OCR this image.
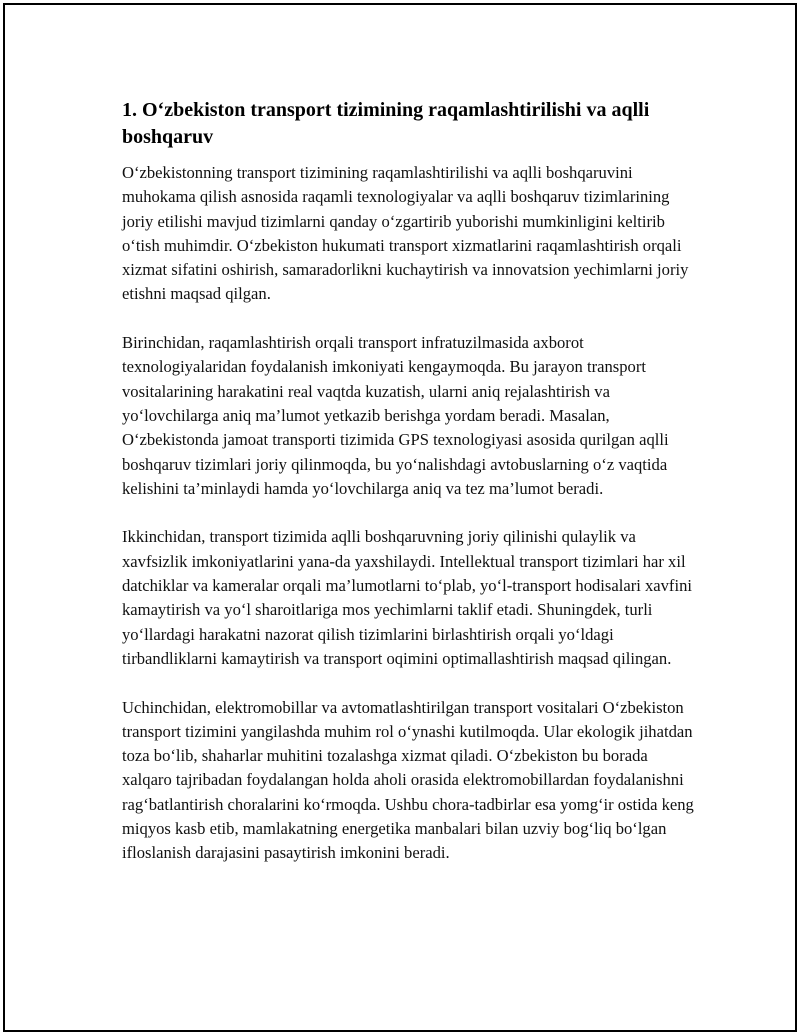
1. O‘zbekiston transport tizimining raqamlashtirilishi va aqlli boshqaruv

O‘zbekistonning transport tizimining raqamlashtirilishi va aqlli boshqaruvini muhokama qilish asnosida raqamli texnologiyalar va aqlli boshqaruv tizimlarining joriy etilishi mavjud tizimlarni qanday o‘zgartirib yuborishi mumkinligini keltirib o‘tish muhimdir. O‘zbekiston hukumati transport xizmatlarini raqamlashtirish orqali xizmat sifatini oshirish, samaradorlikni kuchaytirish va innovatsion yechimlarni joriy etishni maqsad qilgan.

Birinchidan, raqamlashtirish orqali transport infratuzilmasida axborot texnologiyalaridan foydalanish imkoniyati kengaymoqda. Bu jarayon transport vositalarining harakatini real vaqtda kuzatish, ularni aniq rejalashtirish va yo‘lovchilarga aniq ma’lumot yetkazib berishga yordam beradi. Masalan, O‘zbekistonda jamoat transporti tizimida GPS texnologiyasi asosida qurilgan aqlli boshqaruv tizimlari joriy qilinmoqda, bu yo‘nalishdagi avtobuslarning o‘z vaqtida kelishini ta’minlaydi hamda yo‘lovchilarga aniq va tez ma’lumot beradi.

Ikkinchidan, transport tizimida aqlli boshqaruvning joriy qilinishi qulaylik va xavfsizlik imkoniyatlarini yana-da yaxshilaydi. Intellektual transport tizimlari har xil datchiklar va kameralar orqali ma’lumotlarni to‘plab, yo‘l-transport hodisalari xavfini kamaytirish va yo‘l sharoitlariga mos yechimlarni taklif etadi. Shuningdek, turli yo‘llardagi harakatni nazorat qilish tizimlarini birlashtirish orqali yo‘ldagi tirbandliklarni kamaytirish va transport oqimini optimallashtirish maqsad qilingan.

Uchinchidan, elektromobillar va avtomatlashtirilgan transport vositalari O‘zbekiston transport tizimini yangilashda muhim rol o‘ynashi kutilmoqda. Ular ekologik jihatdan toza bo‘lib, shaharlar muhitini tozalashga xizmat qiladi. O‘zbekiston bu borada xalqaro tajribadan foydalangan holda aholi orasida elektromobillardan foydalanishni rag‘batlantirish choralarini ko‘rmoqda. Ushbu chora-tadbirlar esa yomg‘ir ostida keng miqyos kasb etib, mamlakatning energetika manbalari bilan uzviy bog‘liq bo‘lgan ifloslanish darajasini pasaytirish imkonini beradi.
